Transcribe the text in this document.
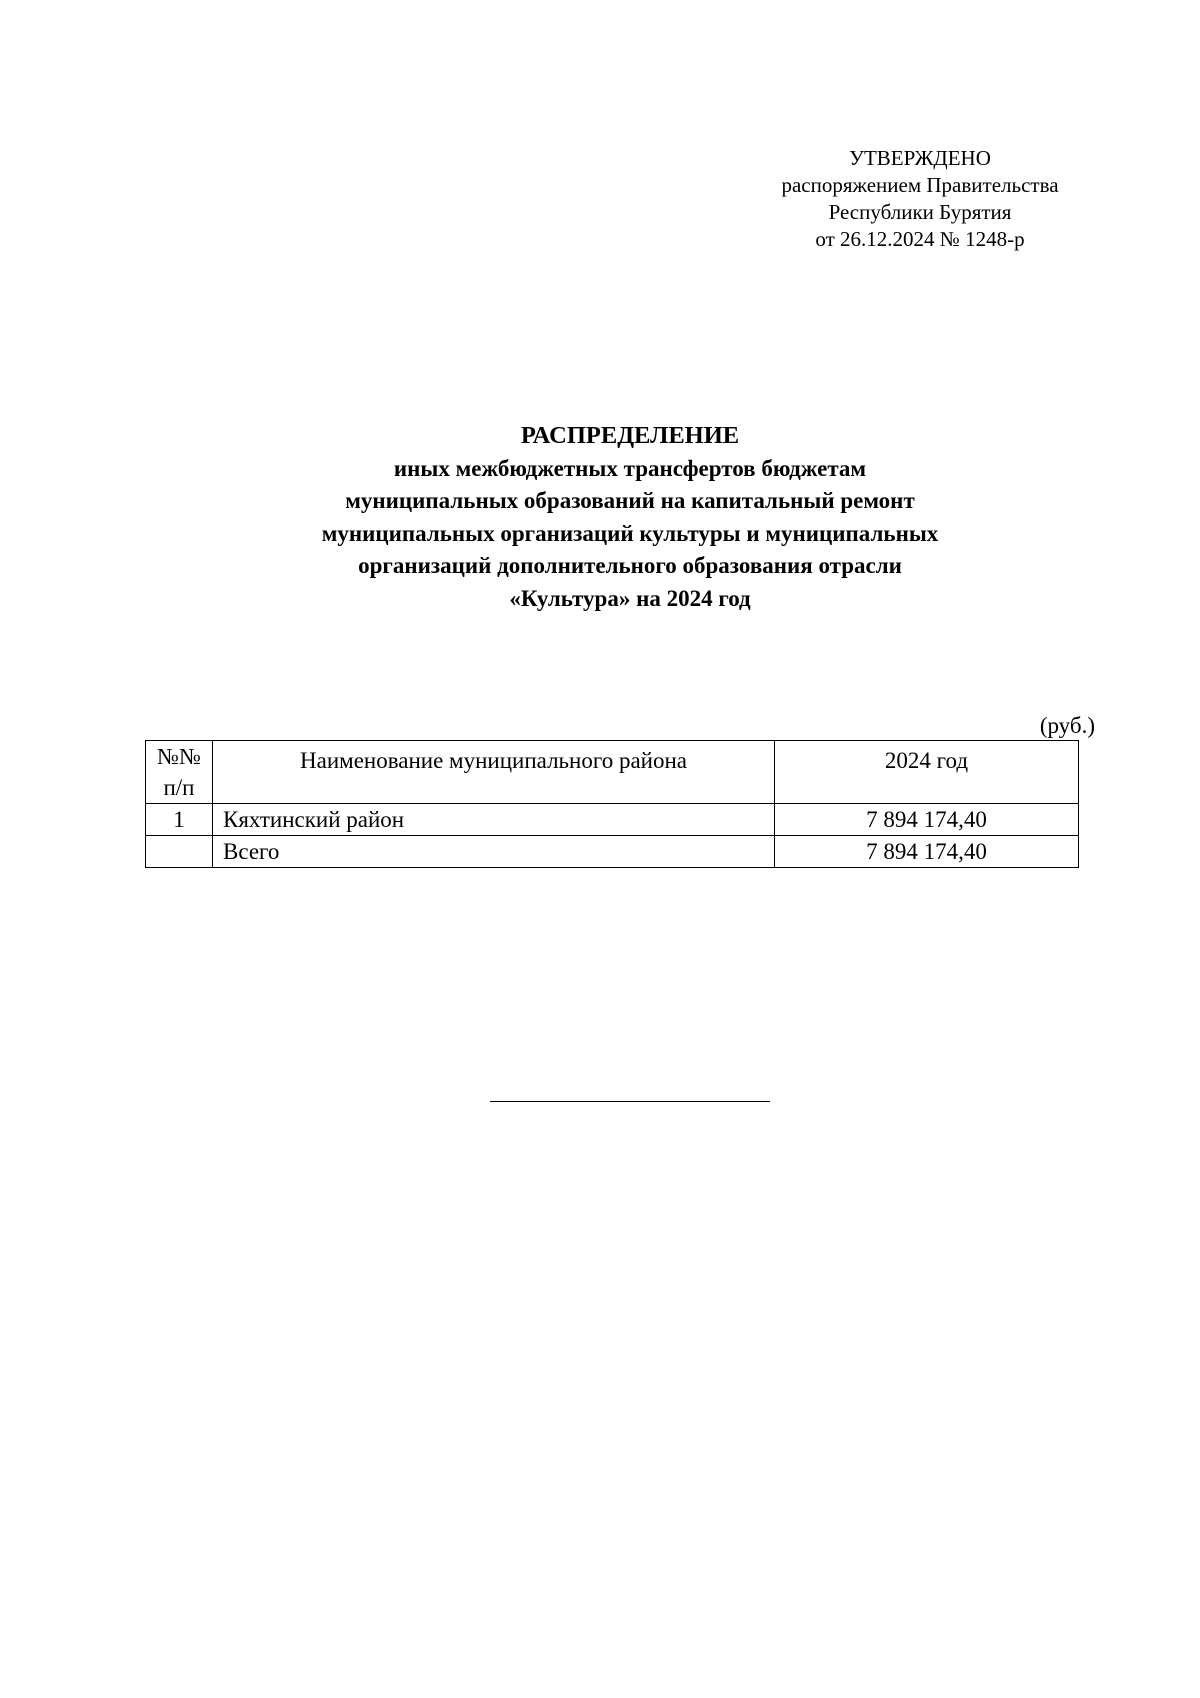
УТВЕРЖДЕНО
распоряжением Правительства
Республики Бурятия
от 26.12.2024 № 1248-р
РАСПРЕДЕЛЕНИЕ
иных межбюджетных трансфертов бюджетам
муниципальных образований на капитальный ремонт
муниципальных организаций культуры и муниципальных
организаций дополнительного образования отрасли
«Культура» на 2024 год
(руб.)
№№
п/п	Наименование муниципального района	2024 год
1	Кяхтинский район	7 894 174,40
	Всего	7 894 174,40
